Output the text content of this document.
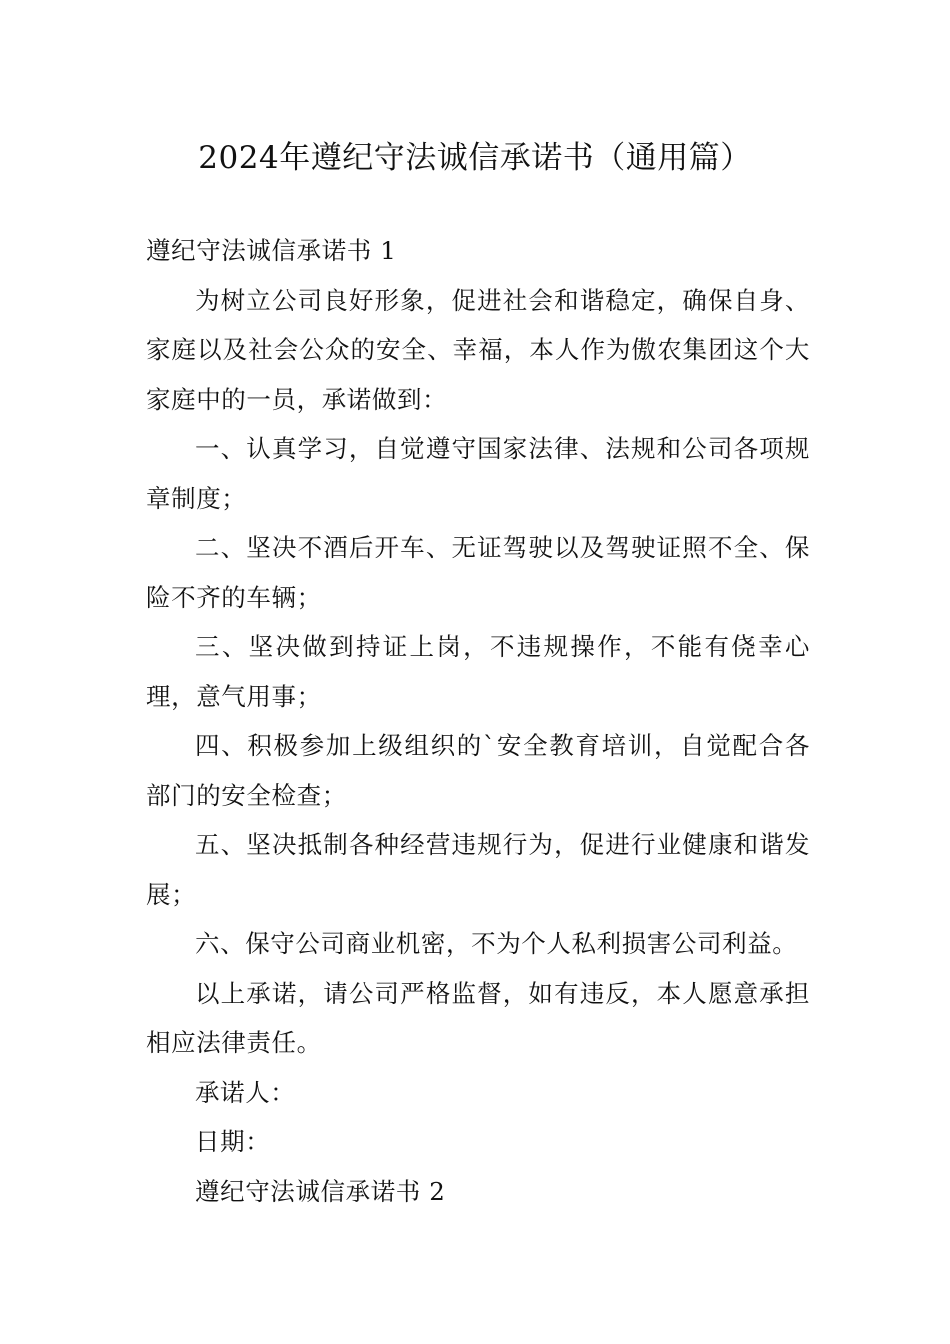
2024年遵纪守法诚信承诺书（通用篇）

遵纪守法诚信承诺书 1

为树立公司良好形象，促进社会和谐稳定，确保自身、家庭以及社会公众的安全、幸福，本人作为傲农集团这个大家庭中的一员，承诺做到：

一、认真学习，自觉遵守国家法律、法规和公司各项规章制度；

二、坚决不酒后开车、无证驾驶以及驾驶证照不全、保险不齐的车辆；

三、坚决做到持证上岗，不违规操作，不能有侥幸心理，意气用事；

四、积极参加上级组织的`安全教育培训，自觉配合各部门的安全检查；

五、坚决抵制各种经营违规行为，促进行业健康和谐发展；

六、保守公司商业机密，不为个人私利损害公司利益。

以上承诺，请公司严格监督，如有违反，本人愿意承担相应法律责任。

承诺人：

日期：

遵纪守法诚信承诺书 2
